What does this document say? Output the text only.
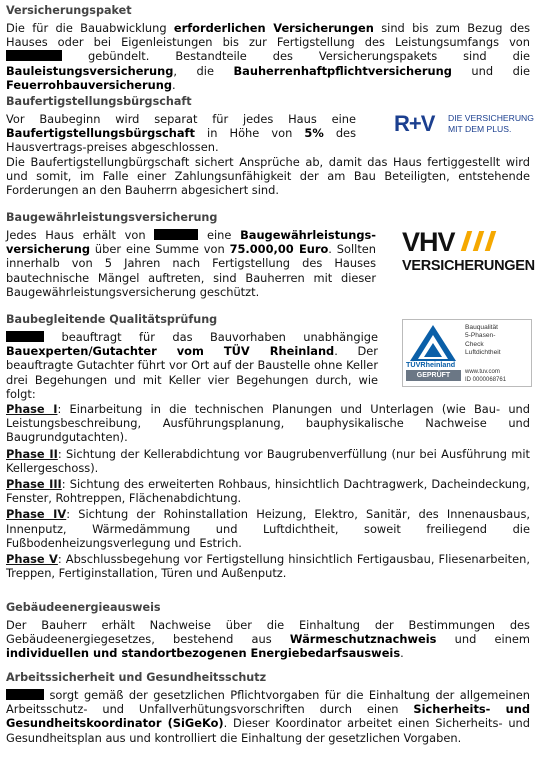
Versicherungspaket

Die für die Bauabwicklung erforderlichen Versicherungen sind bis zum Bezug des Hauses oder bei Eigenleistungen bis zur Fertigstellung des Leistungsumfangs von  gebündelt. Bestandteile des Versicherungspakets sind die Bauleistungsversicherung, die Bauherrenhaftpflichtversicherung und die Feuerrohbauversicherung.

Baufertigstellungsbürgschaft

Vor Baubeginn wird separat für jedes Haus eine Baufertigstellungsbürgschaft in Höhe von 5% des Hausvertrags-preises abgeschlossen.

Die Baufertigstellungbürgschaft sichert Ansprüche ab, damit das Haus fertiggestellt wird und somit, im Falle einer Zahlungsunfähigkeit der am Bau Beteiligten, entstehende Forderungen an den Bauherrn abgesichert sind.

R+V DIE VERSICHERUNG
MIT DEM PLUS.

Baugewährleistungsversicherung

Jedes Haus erhält von	eine Baugewährleistungs-versicherung über eine Summe von 75.000,00 Euro. Sollten innerhalb von 5 Jahren nach Fertigstellung des Hauses bautechnische Mängel auftreten, sind Bauherren mit dieser Baugewährleistungsversicherung geschützt.

VHV
VERSICHERUNGEN

Baubegleitende Qualitätsprüfung

beauftragt für das Bauvorhaben unabhängige Bauexperten/Gutachter vom TÜV Rheinland. Der beauftragte Gutachter führt vor Ort auf der Baustelle ohne Keller drei Begehungen und mit Keller vier Begehungen durch, wie folgt:

TÜVRheinland
GEPRÜFT
Bauqualität
5-Phasen-
Check
Luftdichtheit
www.tuv.com
ID 0000068761

Phase I: Einarbeitung in die technischen Planungen und Unterlagen (wie Bau- und Leistungsbeschreibung, Ausführungsplanung, bauphysikalische Nachweise und Baugrundgutachten).

Phase II: Sichtung der Kellerabdichtung vor Baugrubenverfüllung (nur bei Ausführung mit Kellergeschoss).

Phase III: Sichtung des erweiterten Rohbaus, hinsichtlich Dachtragwerk, Dacheindeckung, Fenster, Rohtreppen, Flächenabdichtung.

Phase IV: Sichtung der Rohinstallation Heizung, Elektro, Sanitär, des Innenausbaus, Innenputz, Wärmedämmung und Luftdichtheit, soweit freiliegend die Fußbodenheizungsverlegung und Estrich.

Phase V: Abschlussbegehung vor Fertigstellung hinsichtlich Fertigausbau, Fliesenarbeiten, Treppen, Fertiginstallation, Türen und Außenputz.

Gebäudeenergieausweis

Der Bauherr erhält Nachweise über die Einhaltung der Bestimmungen des Gebäudeenergiegesetzes, bestehend aus Wärmeschutznachweis und einem individuellen und standortbezogenen Energiebedarfsausweis.

Arbeitssicherheit und Gesundheitsschutz

sorgt gemäß der gesetzlichen Pflichtvorgaben für die Einhaltung der allgemeinen Arbeitsschutz- und Unfallverhütungsvorschriften durch einen Sicherheits- und Gesundheitskoordinator (SiGeKo). Dieser Koordinator arbeitet einen Sicherheits- und Gesundheitsplan aus und kontrolliert die Einhaltung der gesetzlichen Vorgaben.
